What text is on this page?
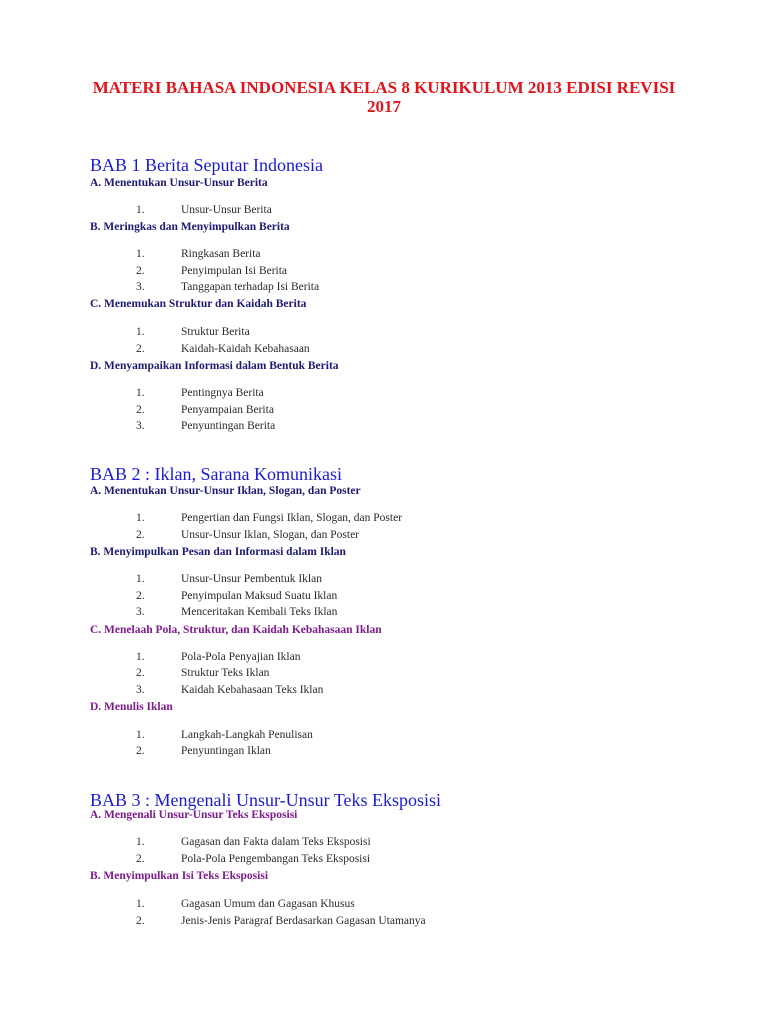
MATERI BAHASA INDONESIA KELAS 8 KURIKULUM 2013 EDISI REVISI 2017
BAB 1 Berita Seputar Indonesia
A. Menentukan Unsur-Unsur Berita
1.	Unsur-Unsur Berita
B. Meringkas dan Menyimpulkan Berita
1.	Ringkasan Berita
2.	Penyimpulan Isi Berita
3.	Tanggapan terhadap Isi Berita
C. Menemukan Struktur dan Kaidah Berita
1.	Struktur Berita
2.	Kaidah-Kaidah Kebahasaan
D. Menyampaikan Informasi dalam Bentuk Berita
1.	Pentingnya Berita
2.	Penyampaian Berita
3.	Penyuntingan Berita
BAB 2 : Iklan, Sarana Komunikasi
A. Menentukan Unsur-Unsur Iklan, Slogan, dan Poster
1.	Pengertian dan Fungsi Iklan, Slogan, dan Poster
2.	Unsur-Unsur Iklan, Slogan, dan Poster
B. Menyimpulkan Pesan dan Informasi dalam Iklan
1.	Unsur-Unsur Pembentuk Iklan
2.	Penyimpulan Maksud Suatu Iklan
3.	Menceritakan Kembali Teks Iklan
C. Menelaah Pola, Struktur, dan Kaidah Kebahasaan Iklan
1.	Pola-Pola Penyajian Iklan
2.	Struktur Teks Iklan
3.	Kaidah Kebahasaan Teks Iklan
D. Menulis Iklan
1.	Langkah-Langkah Penulisan
2.	Penyuntingan Iklan
BAB 3 : Mengenali Unsur-Unsur Teks Eksposisi
A. Mengenali Unsur-Unsur Teks Eksposisi
1.	Gagasan dan Fakta dalam Teks Eksposisi
2.	Pola-Pola Pengembangan Teks Eksposisi
B. Menyimpulkan Isi Teks Eksposisi
1.	Gagasan Umum dan Gagasan Khusus
2.	Jenis-Jenis Paragraf Berdasarkan Gagasan Utamanya
